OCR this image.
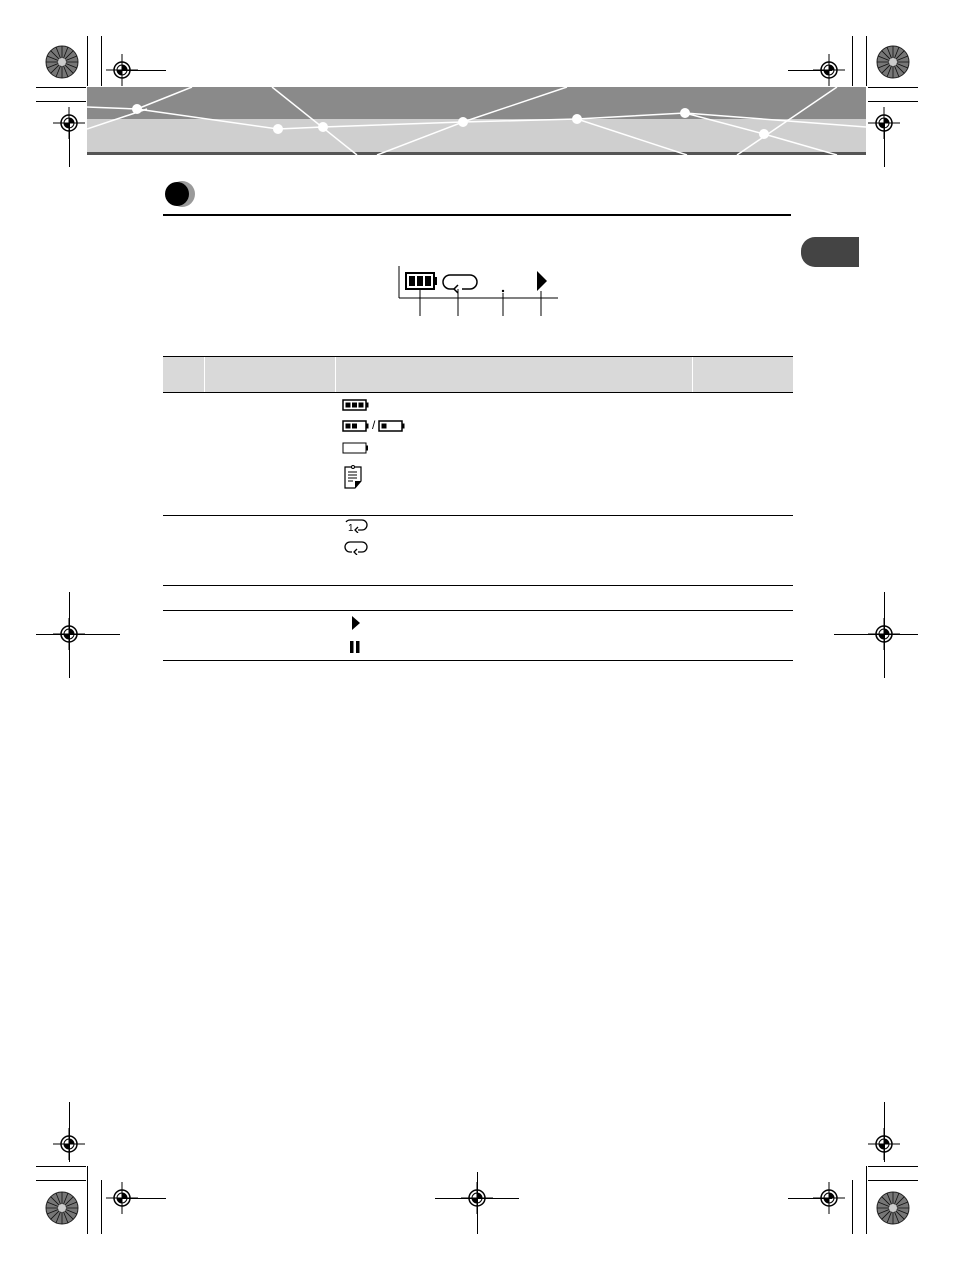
/
1
